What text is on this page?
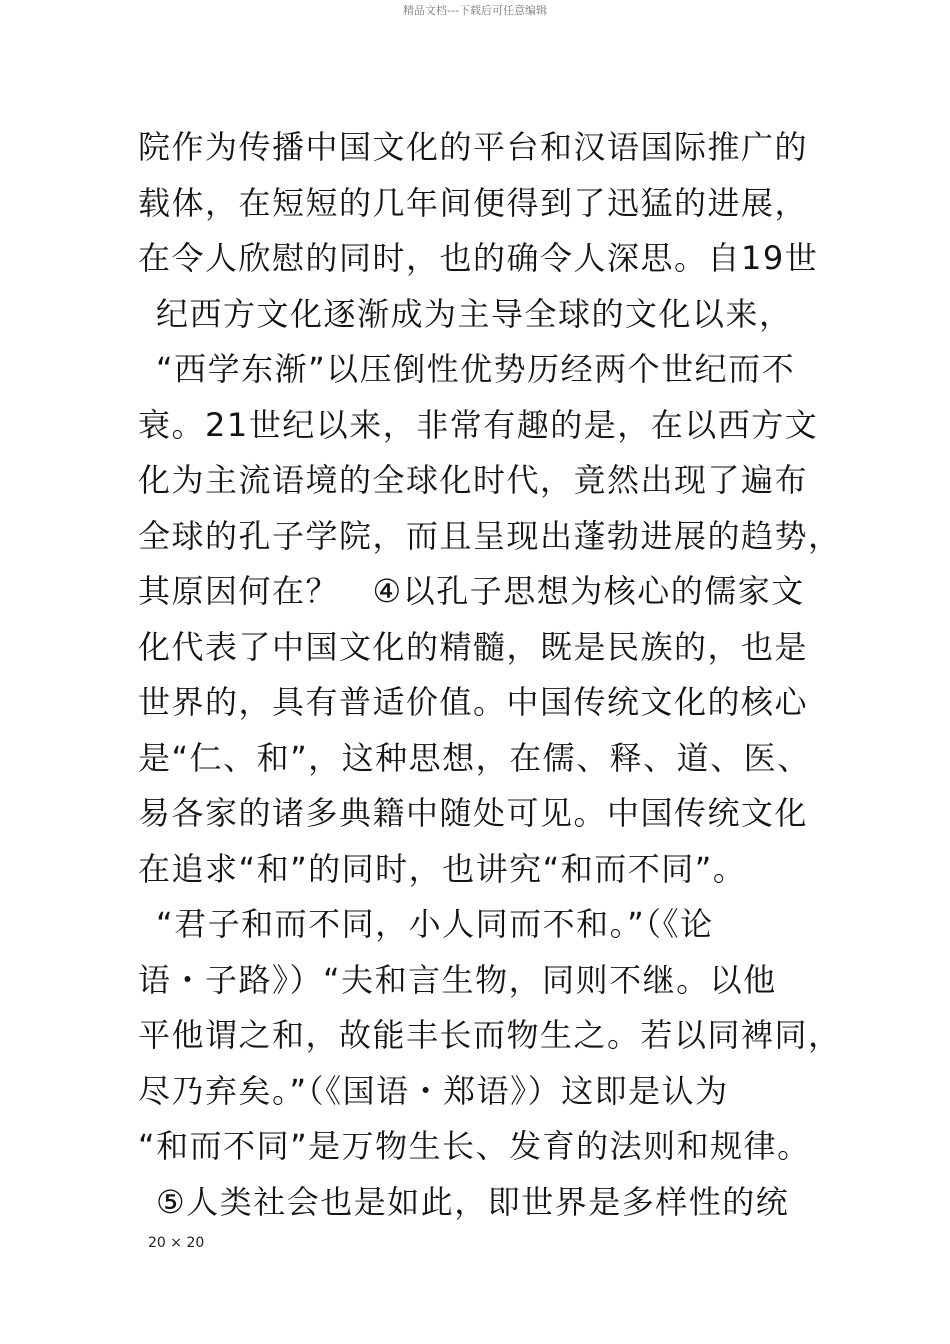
精品文档---下载后可任意编辑
院作为传播中国文化的平台和汉语国际推广的
载体，在短短的几年间便得到了迅猛的进展，
在令人欣慰的同时，也的确令人深思。自19世
纪西方文化逐渐成为主导全球的文化以来，
“西学东渐”以压倒性优势历经两个世纪而不
衰。21世纪以来，非常有趣的是，在以西方文
化为主流语境的全球化时代，竟然出现了遍布
全球的孔子学院，而且呈现出蓬勃进展的趋势，
其原因何在？　④以孔子思想为核心的儒家文
化代表了中国文化的精髓，既是民族的，也是
世界的，具有普适价值。中国传统文化的核心
是“仁、和”，这种思想，在儒、释、道、医、
易各家的诸多典籍中随处可见。中国传统文化
在追求“和”的同时，也讲究“和而不同”。
“君子和而不同，小人同而不和。”（《论
语・子路》）“夫和言生物，同则不继。以他
平他谓之和，故能丰长而物生之。若以同裨同，
尽乃弃矣。”（《国语・郑语》）这即是认为
“和而不同”是万物生长、发育的法则和规律。
⑤人类社会也是如此，即世界是多样性的统
20 × 20
